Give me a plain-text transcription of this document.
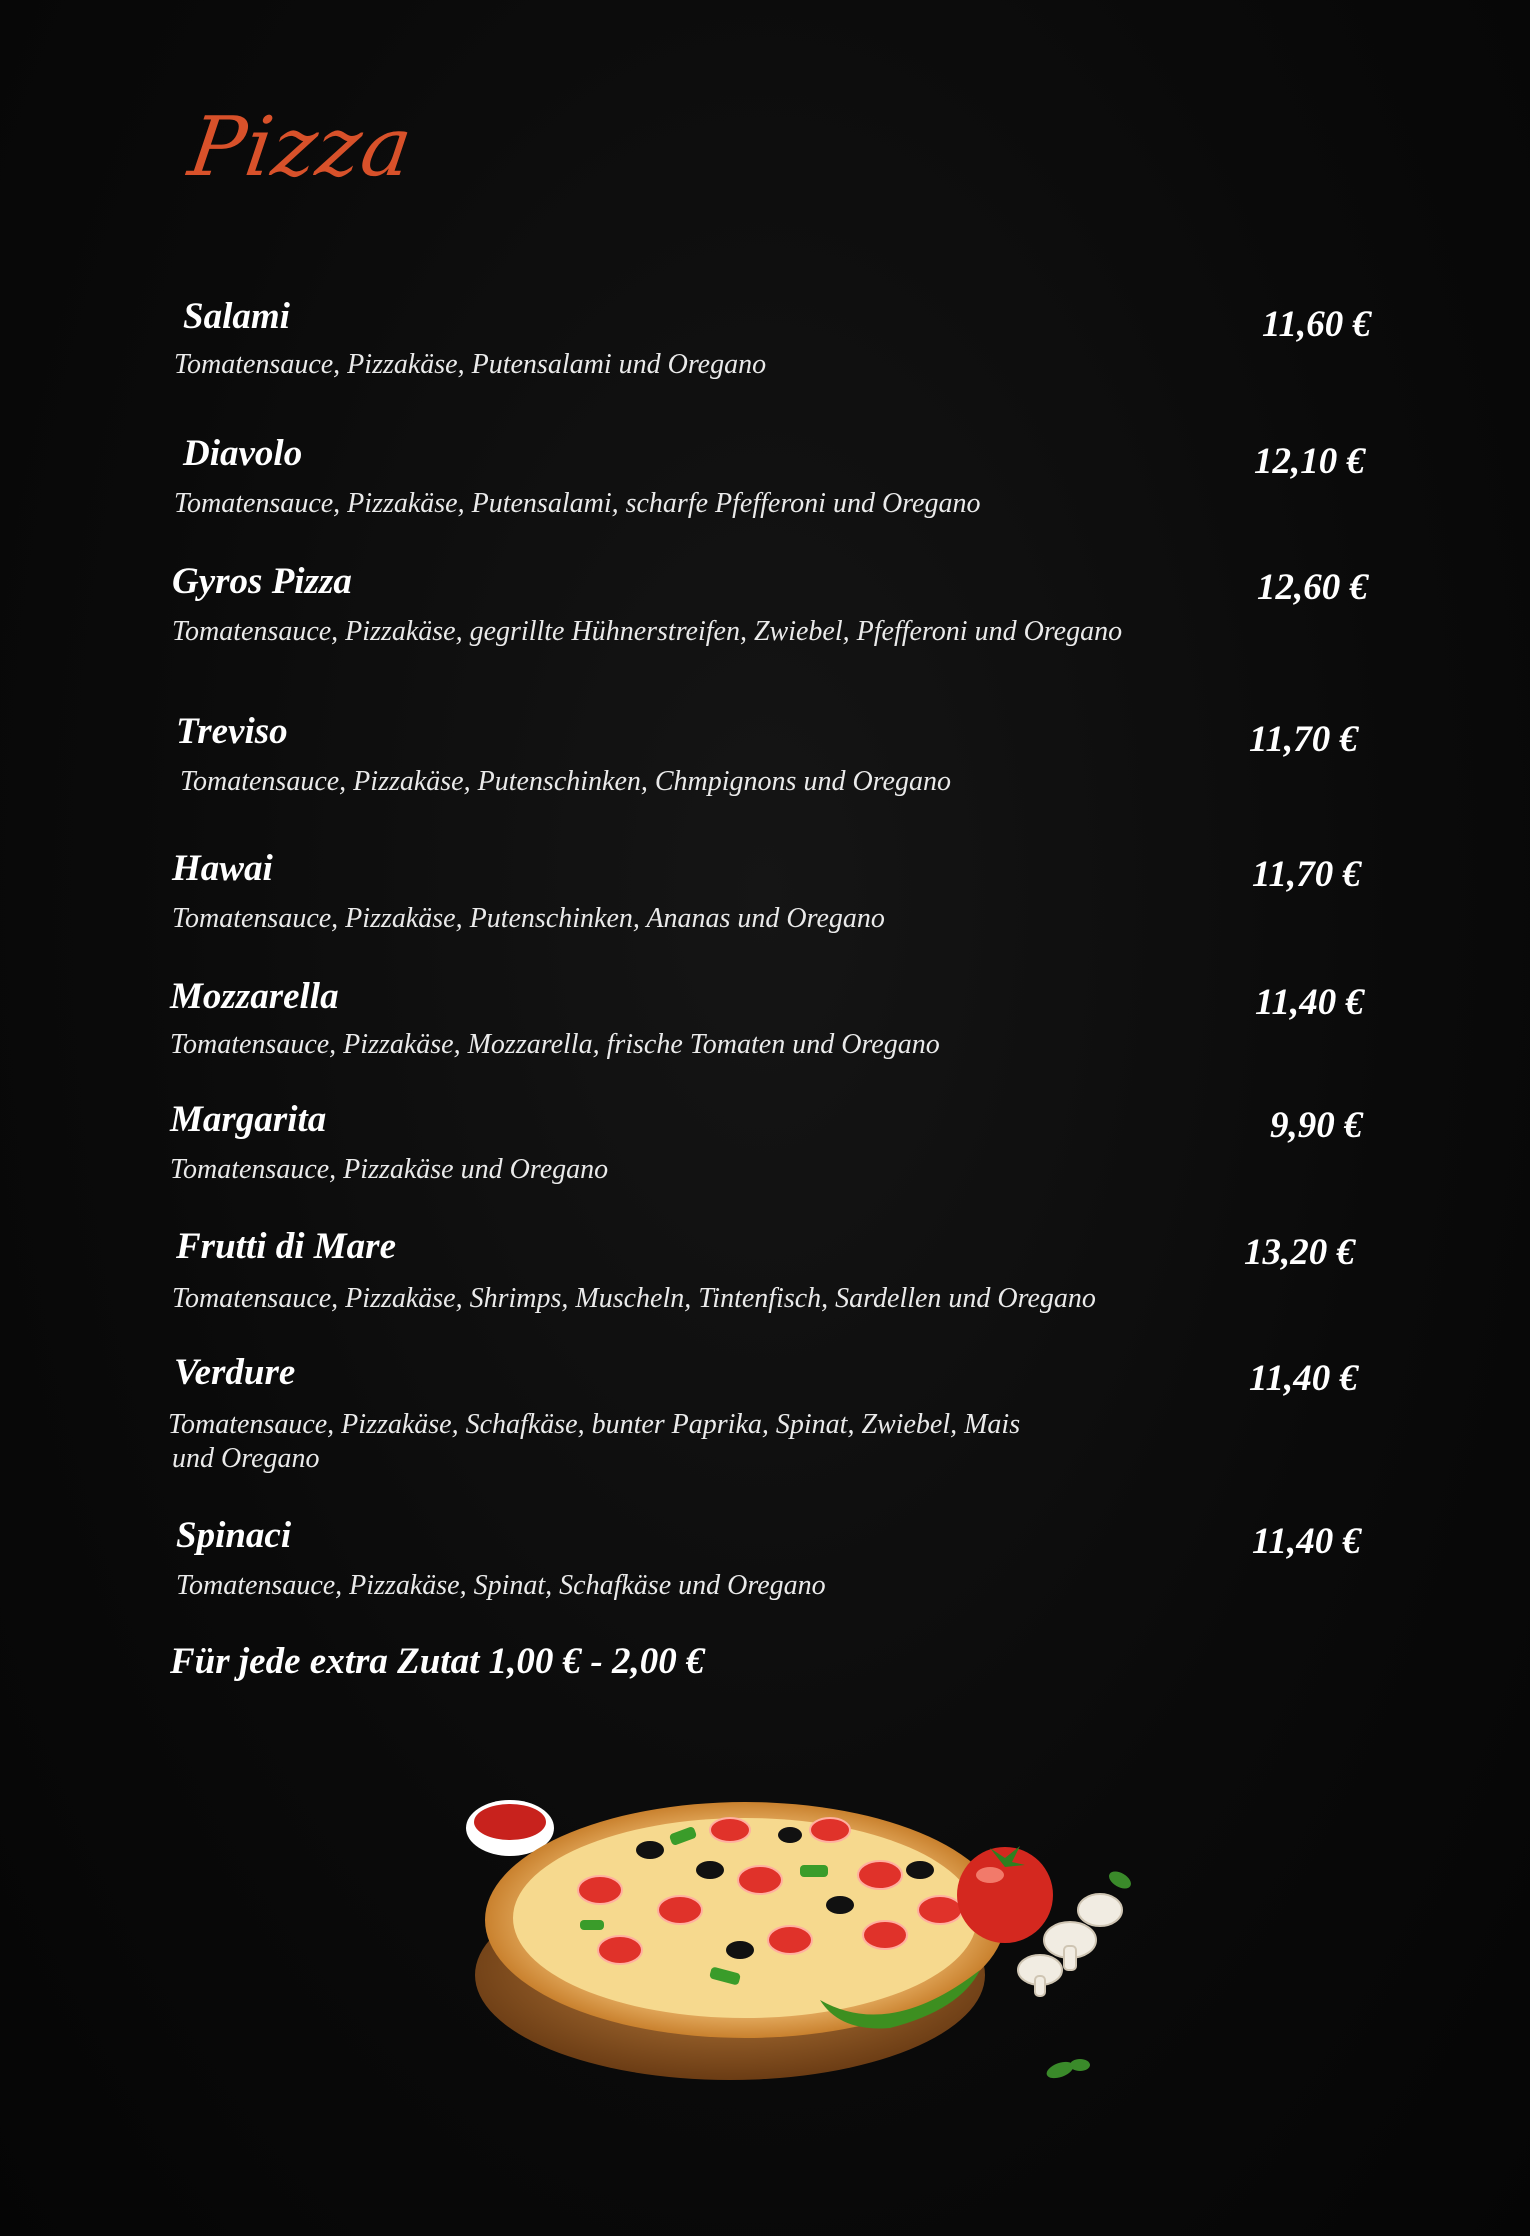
Pizza
Salami
Tomatensauce, Pizzakäse, Putensalami und Oregano
11,60 €
Diavolo
Tomatensauce, Pizzakäse, Putensalami, scharfe Pfefferoni und Oregano
12,10 €
Gyros Pizza
Tomatensauce, Pizzakäse, gegrillte Hühnerstreifen, Zwiebel, Pfefferoni und Oregano
12,60 €
Treviso
Tomatensauce, Pizzakäse, Putenschinken, Chmpignons und Oregano
11,70 €
Hawai
Tomatensauce, Pizzakäse, Putenschinken, Ananas und Oregano
11,70 €
Mozzarella
Tomatensauce, Pizzakäse, Mozzarella, frische Tomaten und Oregano
11,40 €
Margarita
Tomatensauce, Pizzakäse und Oregano
9,90 €
Frutti di Mare
Tomatensauce, Pizzakäse, Shrimps, Muscheln, Tintenfisch, Sardellen und Oregano
13,20 €
Verdure
Tomatensauce, Pizzakäse, Schafkäse, bunter Paprika, Spinat, Zwiebel, Mais
und Oregano
11,40 €
Spinaci
Tomatensauce, Pizzakäse, Spinat, Schafkäse und Oregano
11,40 €
Für jede extra Zutat 1,00 € - 2,00 €
